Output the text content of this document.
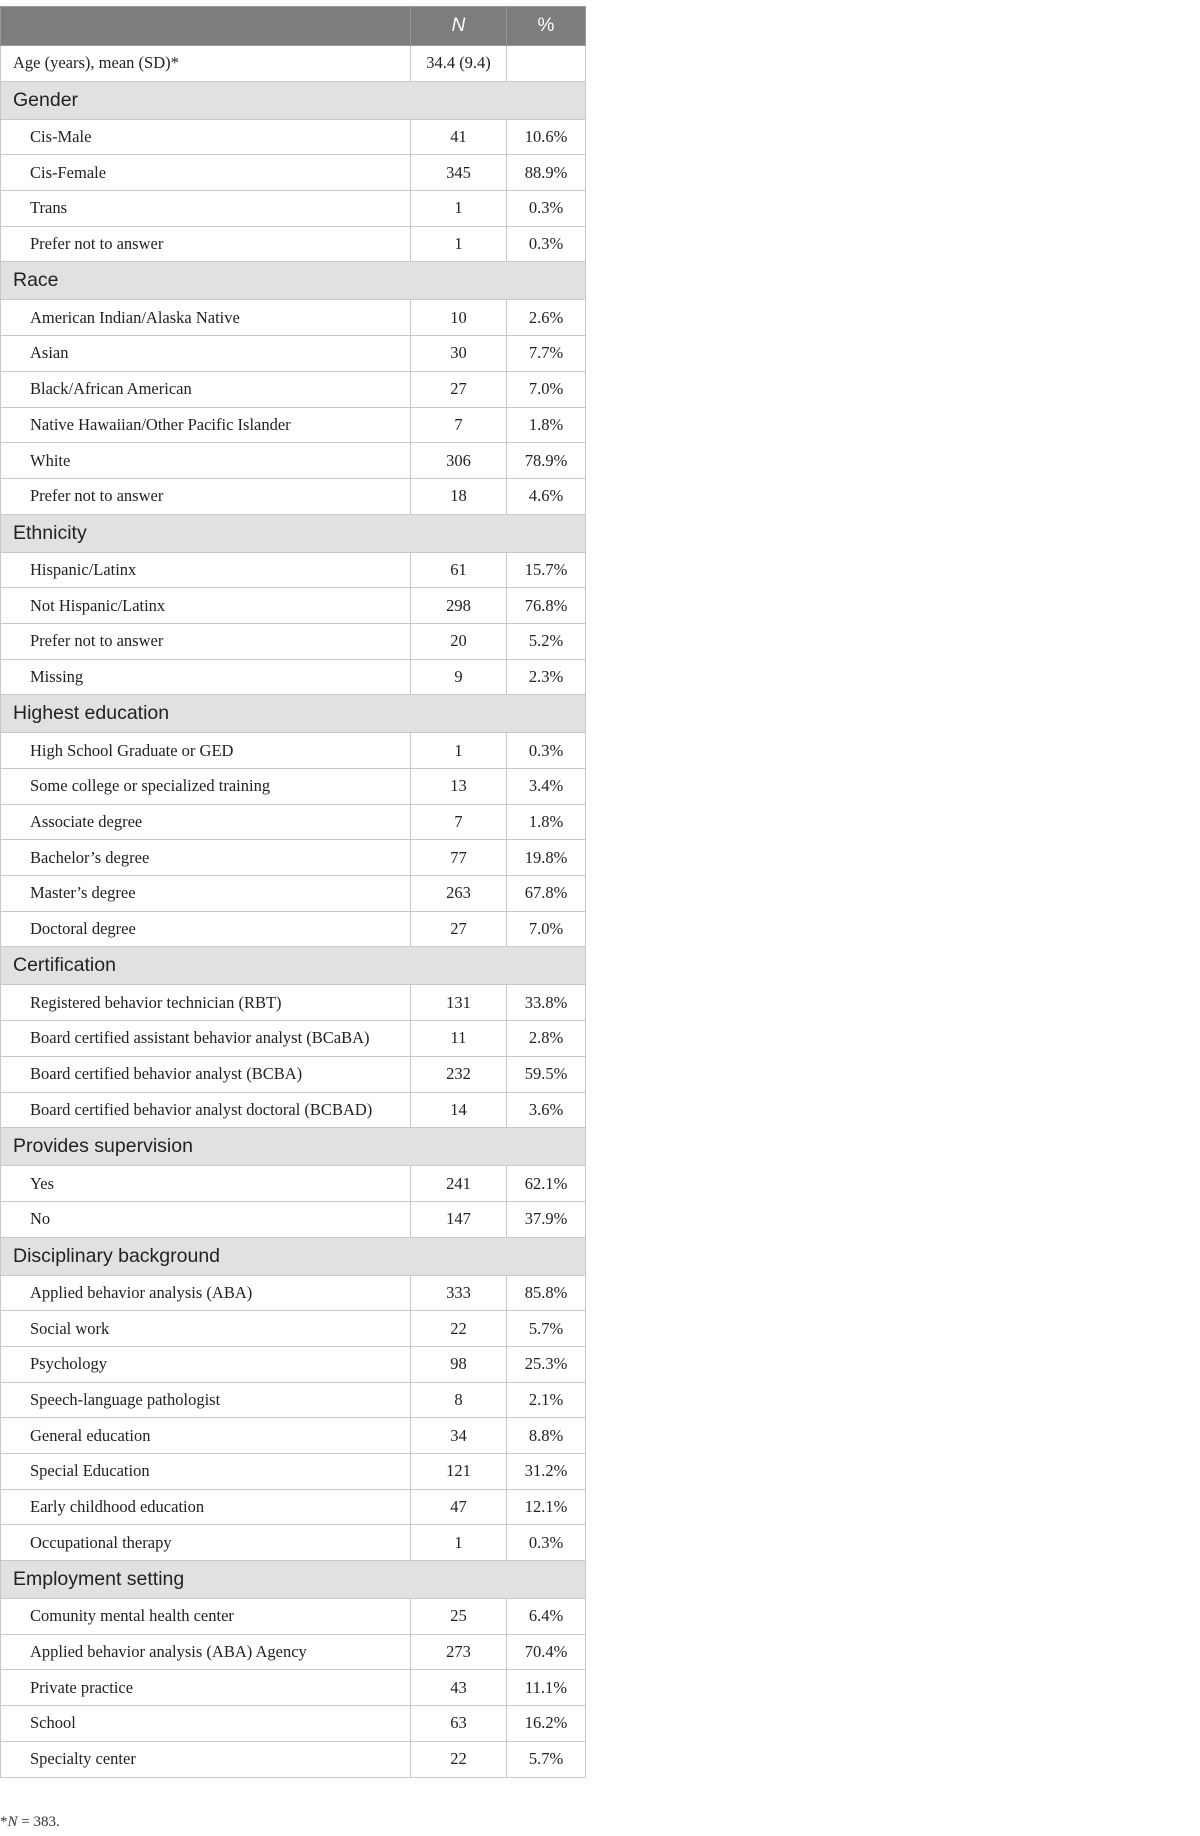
	N	%
Age (years), mean (SD)*	34.4 (9.4)	
Gender		
Cis-Male	41	10.6%
Cis-Female	345	88.9%
Trans	1	0.3%
Prefer not to answer	1	0.3%
Race		
American Indian/Alaska Native	10	2.6%
Asian	30	7.7%
Black/African American	27	7.0%
Native Hawaiian/Other Pacific Islander	7	1.8%
White	306	78.9%
Prefer not to answer	18	4.6%
Ethnicity		
Hispanic/Latinx	61	15.7%
Not Hispanic/Latinx	298	76.8%
Prefer not to answer	20	5.2%
Missing	9	2.3%
Highest education		
High School Graduate or GED	1	0.3%
Some college or specialized training	13	3.4%
Associate degree	7	1.8%
Bachelor’s degree	77	19.8%
Master’s degree	263	67.8%
Doctoral degree	27	7.0%
Certification		
Registered behavior technician (RBT)	131	33.8%
Board certified assistant behavior analyst (BCaBA)	11	2.8%
Board certified behavior analyst (BCBA)	232	59.5%
Board certified behavior analyst doctoral (BCBAD)	14	3.6%
Provides supervision		
Yes	241	62.1%
No	147	37.9%
Disciplinary background		
Applied behavior analysis (ABA)	333	85.8%
Social work	22	5.7%
Psychology	98	25.3%
Speech-language pathologist	8	2.1%
General education	34	8.8%
Special Education	121	31.2%
Early childhood education	47	12.1%
Occupational therapy	1	0.3%
Employment setting		
Comunity mental health center	25	6.4%
Applied behavior analysis (ABA) Agency	273	70.4%
Private practice	43	11.1%
School	63	16.2%
Specialty center	22	5.7%
*N = 383.
